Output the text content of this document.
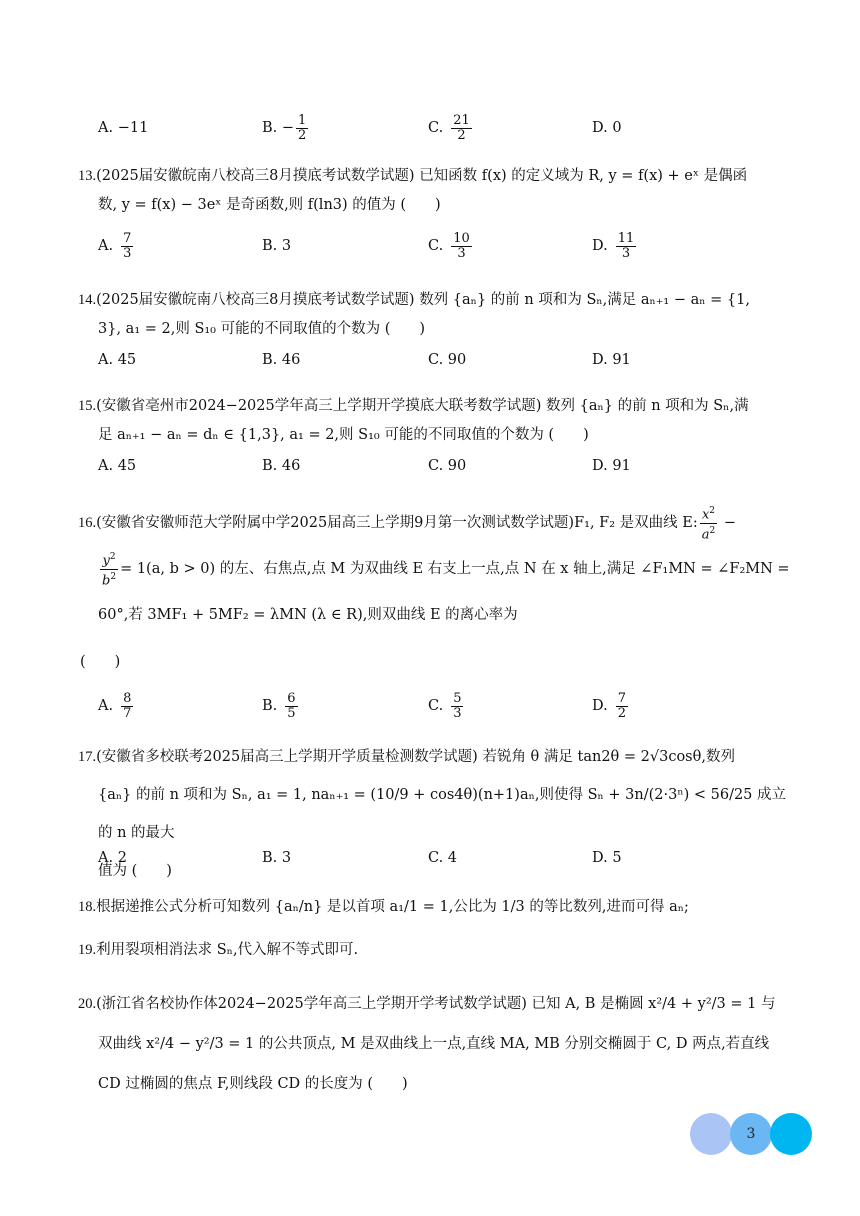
A. −11	B. − $\frac{1}{2}$	C. $\frac{21}{2}$	D. 0
13.(2025届安徽皖南八校高三8月摸底考试数学试题) 已知函数 f(x) 的定义域为 R, y = f(x) + eˣ 是偶函
数, y = f(x) − 3eˣ 是奇函数,则 f(ln3) 的值为 (　　)
A. $\frac{7}{3}$	B. 3	C. $\frac{10}{3}$	D. $\frac{11}{3}$
14.(2025届安徽皖南八校高三8月摸底考试数学试题) 数列 {aₙ} 的前 n 项和为 Sₙ,满足 aₙ₊₁ − aₙ = {1,
3}, a₁ = 2,则 S₁₀ 可能的不同取值的个数为 (　　)
A. 45	B. 46	C. 90	D. 91
15.(安徽省亳州市2024−2025学年高三上学期开学摸底大联考数学试题) 数列 {aₙ} 的前 n 项和为 Sₙ,满
足 aₙ₊₁ − aₙ = dₙ ∈ {1,3}, a₁ = 2,则 S₁₀ 可能的不同取值的个数为 (　　)
A. 45	B. 46	C. 90	D. 91
16.(安徽省安徽师范大学附属中学2025届高三上学期9月第一次测试数学试题)F₁, F₂ 是双曲线 E: $\frac{x^2}{a^2}$ −
$\frac{y^2}{b^2} = 1(a$, b > 0) 的左、右焦点,点 M 为双曲线 E 右支上一点,点 N 在 x 轴上,满足 ∠F₁MN = ∠F₂MN =
60°,若 3MF₁ + 5MF₂ = λMN (λ ∈ R),则双曲线 E 的离心率为
(　　)
A. $\frac{8}{7}$	B. $\frac{6}{5}$	C. $\frac{5}{3}$	D. $\frac{7}{2}$
17.(安徽省多校联考2025届高三上学期开学质量检测数学试题) 若锐角 θ 满足 tan2θ = 2√3cosθ,数列
{aₙ} 的前 n 项和为 Sₙ, a₁ = 1, naₙ₊₁ = (10/9 + cos4θ)(n+1)aₙ,则使得 Sₙ + 3n/(2·3ⁿ) < 56/25 成立的 n 的最大
值为 (　　)
A. 2	B. 3	C. 4	D. 5
18.根据递推公式分析可知数列 {aₙ/n} 是以首项 a₁/1 = 1,公比为 1/3 的等比数列,进而可得 aₙ;
19.利用裂项相消法求 Sₙ,代入解不等式即可.
20.(浙江省名校协作体2024−2025学年高三上学期开学考试数学试题) 已知 A, B 是椭圆 x²/4 + y²/3 = 1 与
双曲线 x²/4 − y²/3 = 1 的公共顶点, M 是双曲线上一点,直线 MA, MB 分别交椭圆于 C, D 两点,若直线
CD 过椭圆的焦点 F,则线段 CD 的长度为 (　　)
3
